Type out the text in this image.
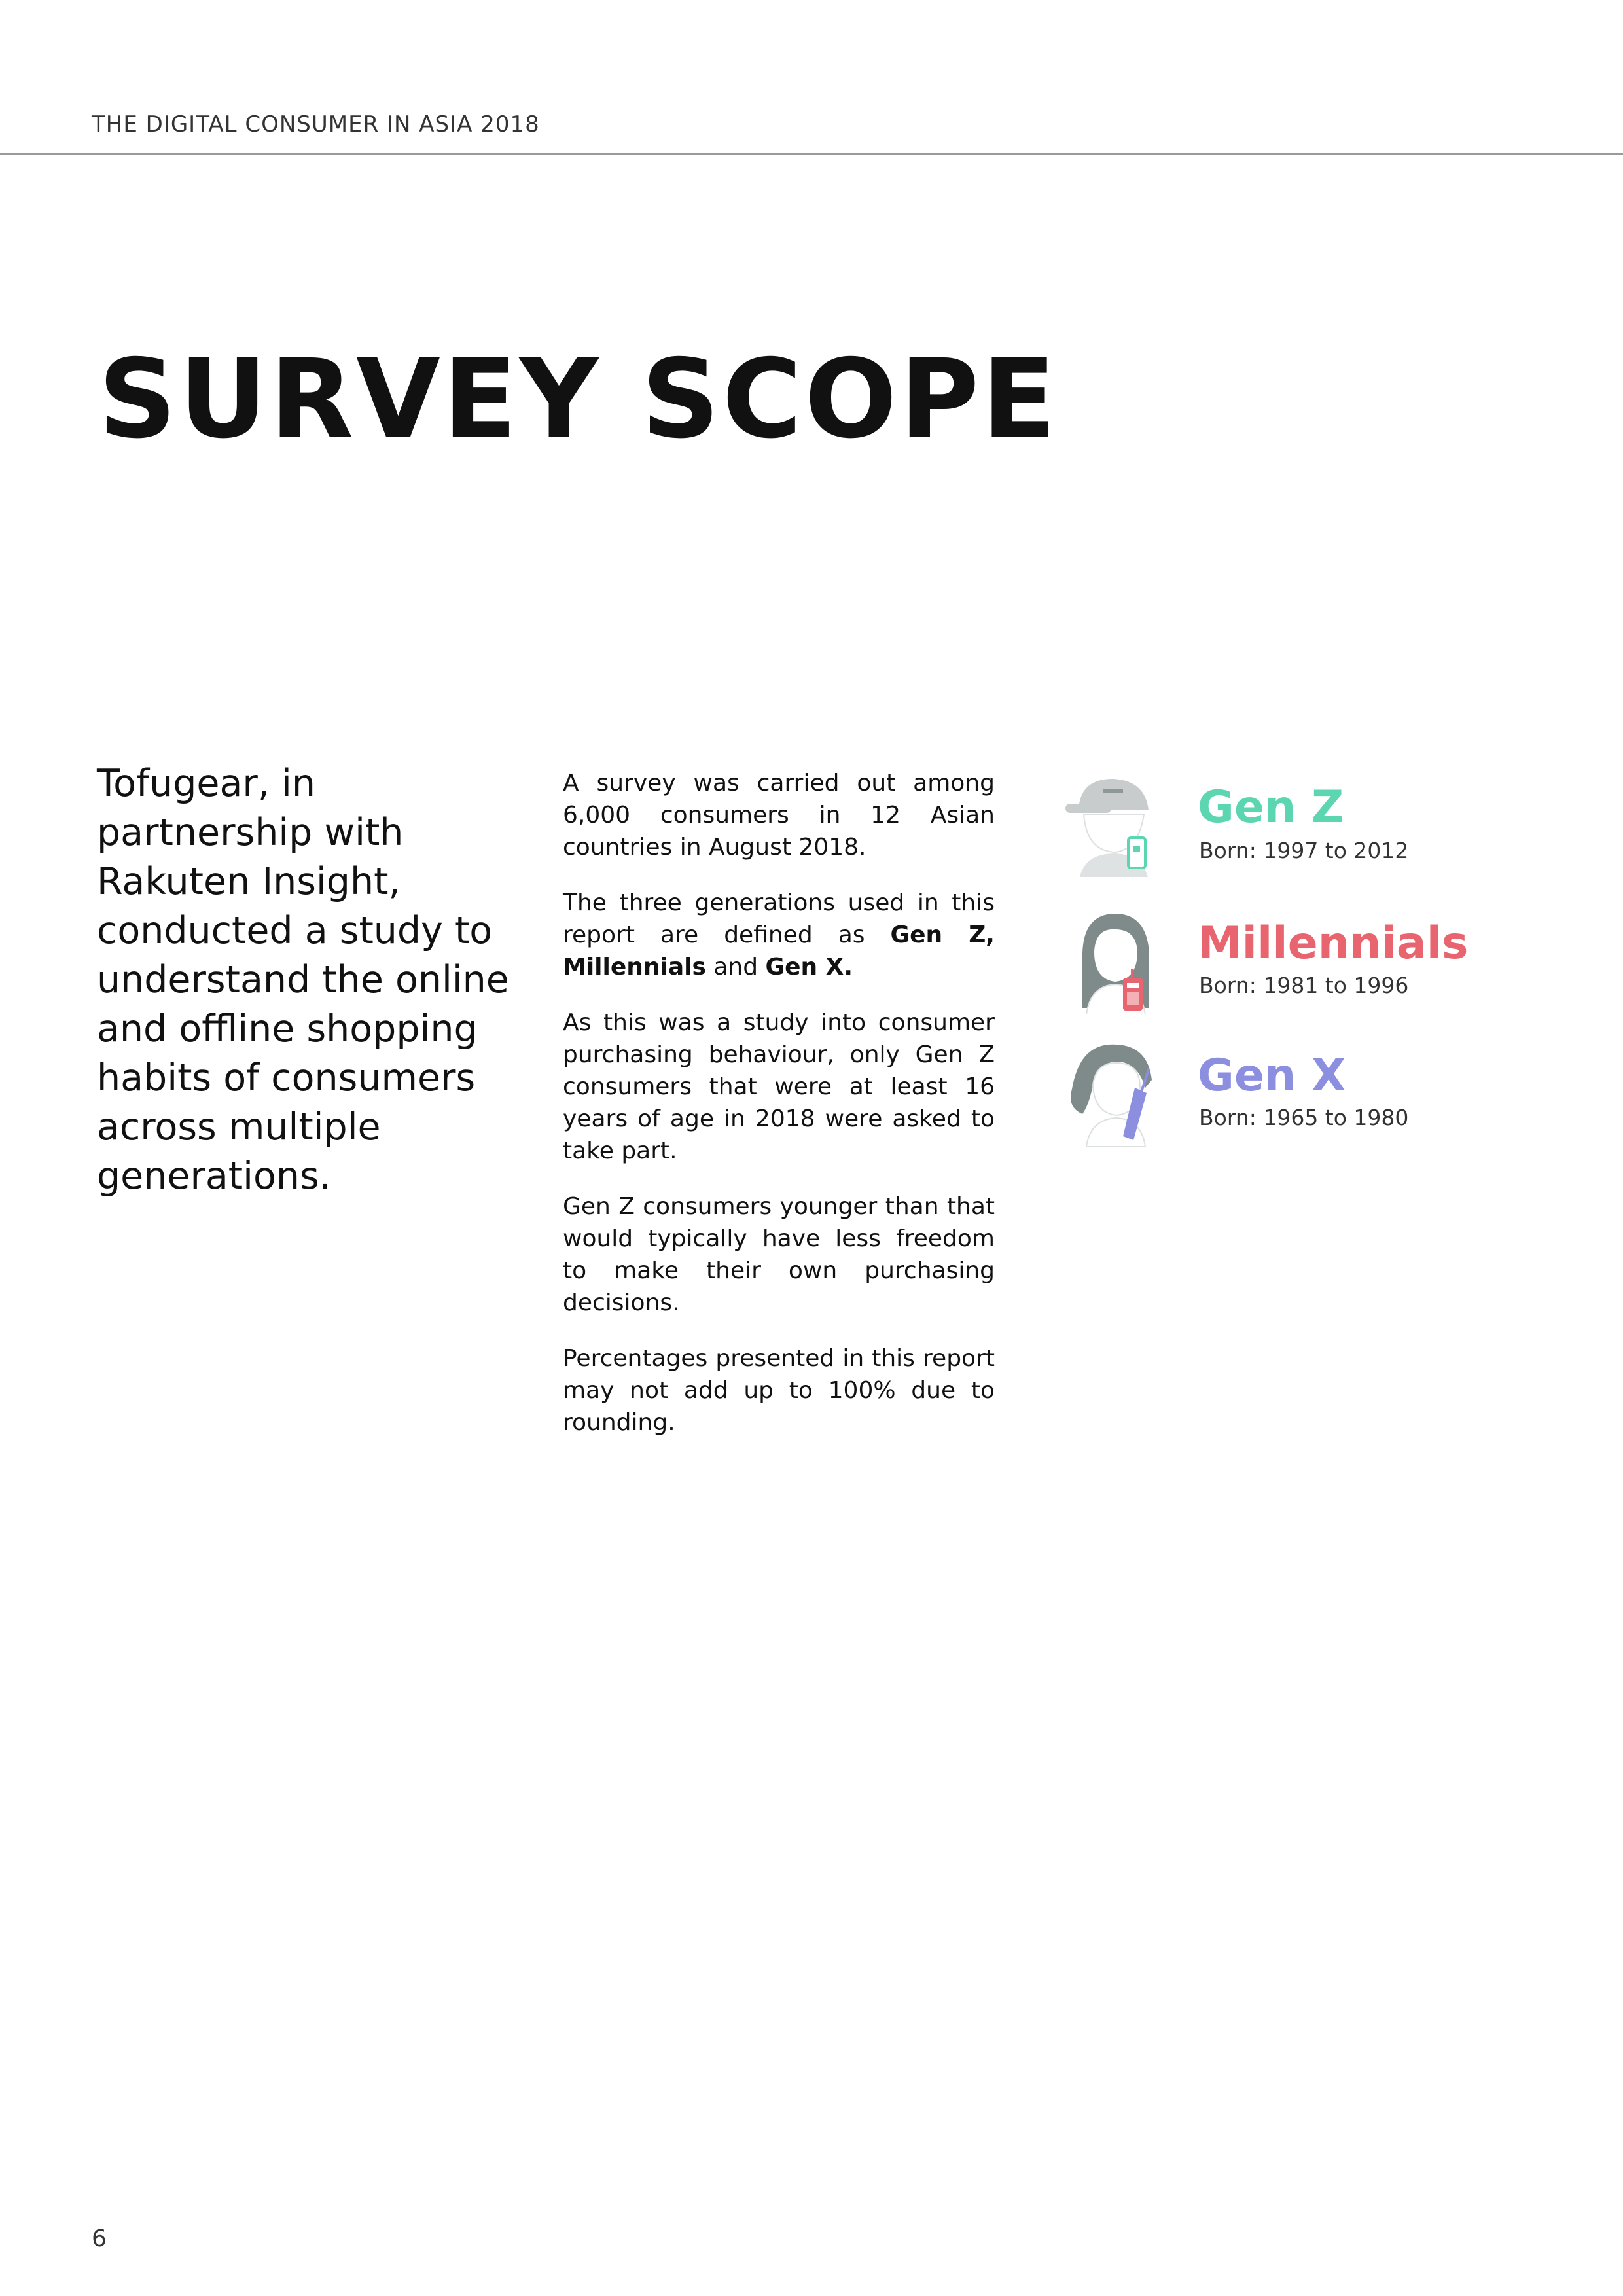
THE DIGITAL CONSUMER IN ASIA 2018
SURVEY SCOPE
Tofugear, in partnership with Rakuten Insight, conducted a study to understand the online and offline shopping habits of consumers across multiple generations.

A survey was carried out among 6,000 consumers in 12 Asian countries in August 2018.

The three generations used in this report are defined as Gen Z, Millennials and Gen X.

As this was a study into consumer purchasing behaviour, only Gen Z consumers that were at least 16 years of age in 2018 were asked to take part.

Gen Z consumers younger than that would typically have less freedom to make their own purchasing decisions.

Percentages presented in this report may not add up to 100% due to rounding.

Gen Z
Born: 1997 to 2012
Millennials
Born: 1981 to 1996
Gen X
Born: 1965 to 1980
6
